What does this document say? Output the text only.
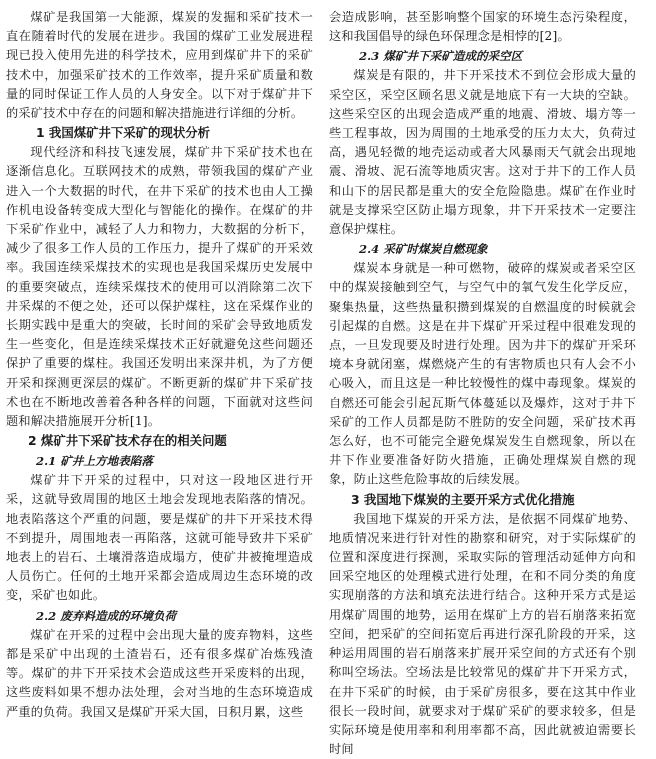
煤矿是我国第一大能源，煤炭的发掘和采矿技术一直在随着时代的发展在进步。我国的煤矿工业发展进程现已投入使用先进的科学技术，应用到煤矿井下的采矿技术中，加强采矿技术的工作效率，提升采矿质量和数量的同时保证工作人员的人身安全。以下对于煤矿井下的采矿技术中存在的问题和解决措施进行详细的分析。

1 我国煤矿井下采矿的现状分析

现代经济和科技飞速发展，煤矿井下采矿技术也在逐渐信息化。互联网技术的成熟，带领我国的煤矿产业进入一个大数据的时代，在井下采矿的技术也由人工操作机电设备转变成大型化与智能化的操作。在煤矿的井下采矿作业中，减轻了人力和物力，大数据的分析下，减少了很多工作人员的工作压力，提升了煤矿的开采效率。我国连续采煤技术的实现也是我国采煤历史发展中的重要突破点，连续采煤技术的使用可以消除第二次下井采煤的不便之处，还可以保护煤柱，这在采煤作业的长期实践中是重大的突破，长时间的采矿会导致地质发生一些变化，但是连续采煤技术正好就避免这些问题还保护了重要的煤柱。我国还发明出来深井机，为了方便开采和探测更深层的煤矿。不断更新的煤矿井下采矿技术也在不断地改善着各种各样的问题，下面就对这些问题和解决措施展开分析[1]。

2 煤矿井下采矿技术存在的相关问题
2.1 矿井上方地表陷落

煤矿井下开采的过程中，只对这一段地区进行开采，这就导致周围的地区土地会发现地表陷落的情况。地表陷落这个严重的问题，要是煤矿的井下开采技术得不到提升，周围地表一再陷落，这就可能导致井下采矿地表上的岩石、土壤滑落造成塌方，使矿井被掩埋造成人员伤亡。任何的土地开采都会造成周边生态环境的改变，采矿也如此。

2.2 废弃料造成的环境负荷

煤矿在开采的过程中会出现大量的废弃物料，这些都是采矿中出现的土渣岩石，还有很多煤矿冶炼残渣等。煤矿的井下开采技术会造成这些开采废料的出现，这些废料如果不想办法处理，会对当地的生态环境造成严重的负荷。我国又是煤矿开采大国，日积月累，这些

会造成影响，甚至影响整个国家的环境生态污染程度，这和我国倡导的绿色环保理念是相悖的[2]。

2.3 煤矿井下采矿造成的采空区

煤炭是有限的，井下开采技术不到位会形成大量的采空区，采空区顾名思义就是地底下有一大块的空缺。这些采空区的出现会造成严重的地震、滑坡、塌方等一些工程事故，因为周围的土地承受的压力太大，负荷过高，遇见轻微的地壳运动或者大风暴雨天气就会出现地震、滑坡、泥石流等地质灾害。这对于井下的工作人员和山下的居民都是重大的安全危险隐患。煤矿在作业时就是支撑采空区防止塌方现象，井下开采技术一定要注意保护煤柱。

2.4 采矿时煤炭自燃现象

煤炭本身就是一种可燃物，破碎的煤炭或者采空区中的煤炭接触到空气，与空气中的氧气发生化学反应，聚集热量，这些热量积攒到煤炭的自燃温度的时候就会引起煤的自燃。这是在井下煤矿开采过程中很难发现的点，一旦发现要及时进行处理。因为井下的煤矿开采环境本身就闭塞，煤燃烧产生的有害物质也只有人会不小心吸入，而且这是一种比较慢性的煤中毒现象。煤炭的自燃还可能会引起瓦斯气体蔓延以及爆炸，这对于井下采矿的工作人员都是防不胜防的安全问题，采矿技术再怎么好，也不可能完全避免煤炭发生自燃现象，所以在井下作业要准备好防火措施，正确处理煤炭自燃的现象，防止这些危险事故的后续发展。

3 我国地下煤炭的主要开采方式优化措施

我国地下煤炭的开采方法，是依据不同煤矿地势、地质情况来进行针对性的勘察和研究，对于实际煤矿的位置和深度进行探测，采取实际的管理活动延伸方向和回采空地区的处理模式进行处理，在和不同分类的角度实现崩落的方法和填充法进行结合。这种开采方式是运用煤矿周围的地势，运用在煤矿上方的岩石崩落来拓宽空间，把采矿的空间拓宽后再进行深孔阶段的开采，这种运用周围的岩石崩落来扩展开采空间的方式还有个别称叫空场法。空场法是比较常见的煤矿井下开采方式，在井下采矿的时候，由于采矿房很多，要在这其中作业很长一段时间，就要求对于煤矿采矿的要求较多，但是实际环境是使用率和利用率都不高，因此就被迫需要长时间
